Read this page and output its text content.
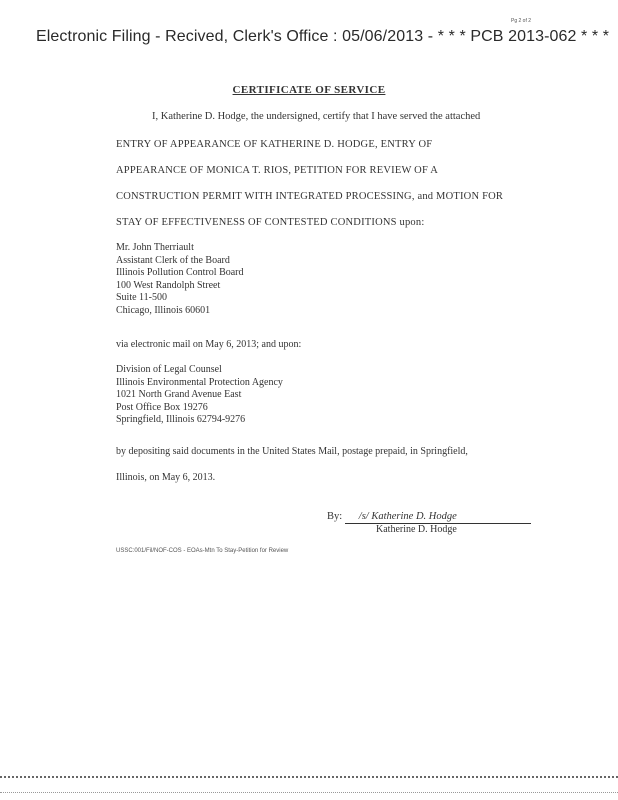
Electronic Filing - Recived, Clerk's Office : 05/06/2013 - * * * PCB 2013-062 * * *
Pg 2 of 2
CERTIFICATE OF SERVICE
I, Katherine D. Hodge, the undersigned, certify that I have served the attached
ENTRY OF APPEARANCE OF KATHERINE D. HODGE, ENTRY OF
APPEARANCE OF MONICA T. RIOS, PETITION FOR REVIEW OF A
CONSTRUCTION PERMIT WITH INTEGRATED PROCESSING, and MOTION FOR
STAY OF EFFECTIVENESS OF CONTESTED CONDITIONS upon:
Mr. John Therriault
Assistant Clerk of the Board
Illinois Pollution Control Board
100 West Randolph Street
Suite 11-500
Chicago, Illinois 60601
via electronic mail on May 6, 2013; and upon:
Division of Legal Counsel
Illinois Environmental Protection Agency
1021 North Grand Avenue East
Post Office Box 19276
Springfield, Illinois 62794-9276
by depositing said documents in the United States Mail, postage prepaid, in Springfield,
Illinois, on May 6, 2013.
By: /s/ Katherine D. Hodge
Katherine D. Hodge
USSC:001/Fil/NOF-COS - EOAs-Mtn To Stay-Petition for Review
